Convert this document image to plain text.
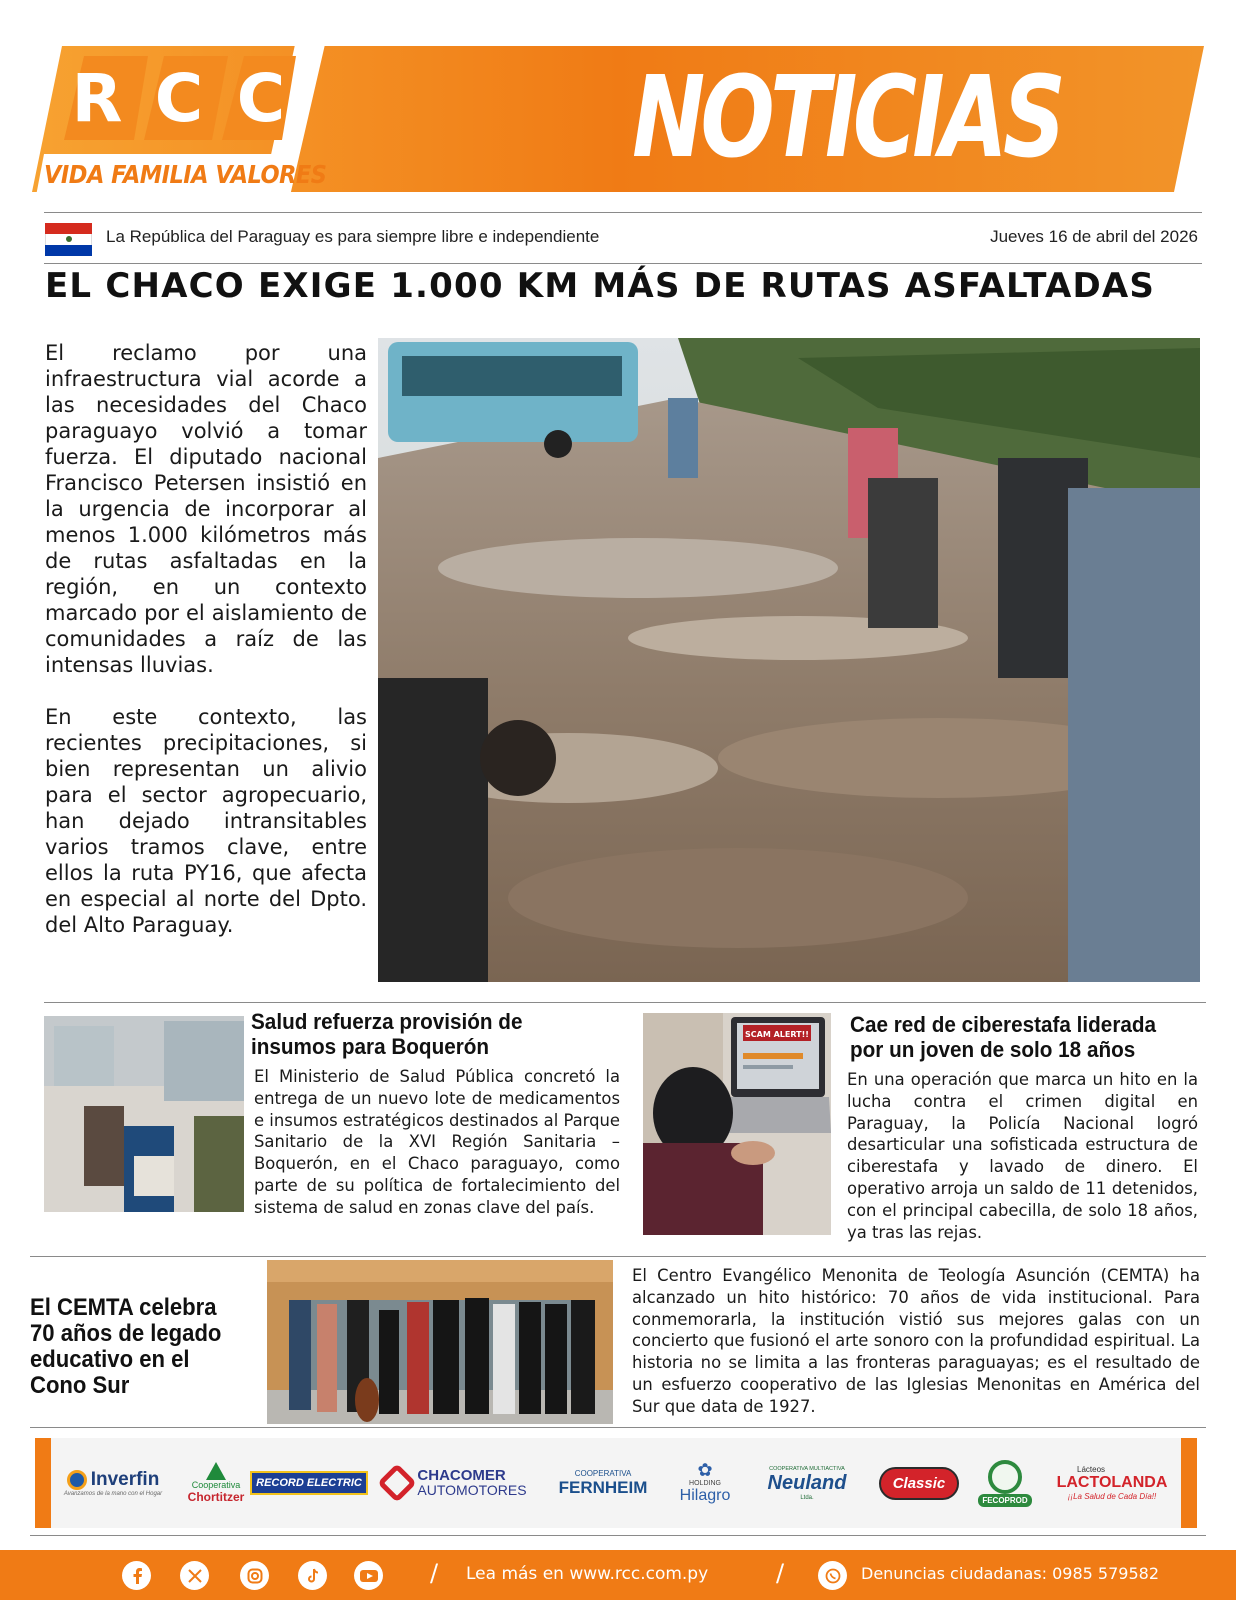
R C C
VIDA FAMILIA VALORES	NOTICIAS
La República del Paraguay es para siempre libre e independiente	Jueves 16 de abril del 2026
EL CHACO EXIGE 1.000 KM MÁS DE RUTAS ASFALTADAS

El reclamo por una infraestructura vial acorde a las necesidades del Chaco paraguayo volvió a tomar fuerza. El diputado nacional Francisco Petersen insistió en la urgencia de incorporar al menos 1.000 kilómetros más de rutas asfaltadas en la región, en un contexto marcado por el aislamiento de comunidades a raíz de las intensas lluvias.

En este contexto, las recientes precipitaciones, si bien representan un alivio para el sector agropecuario, han dejado intransitables varios tramos clave, entre ellos la ruta PY16, que afecta en especial al norte del Dpto. del Alto Paraguay.

Salud refuerza provisión de insumos para Boquerón
El Ministerio de Salud Pública concretó la entrega de un nuevo lote de medicamentos e insumos estratégicos destinados al Parque Sanitario de la XVI Región Sanitaria – Boquerón, en el Chaco paraguayo, como parte de su política de fortalecimiento del sistema de salud en zonas clave del país.
SCAM ALERT!! Cae red de ciberestafa liderada por un joven de solo 18 años
En una operación que marca un hito en la lucha contra el crimen digital en Paraguay, la Policía Nacional logró desarticular una sofisticada estructura de ciberestafa y lavado de dinero. El operativo arroja un saldo de 11 detenidos, con el principal cabecilla, de solo 18 años, ya tras las rejas.
El CEMTA celebra 70 años de legado educativo en el Cono Sur
El Centro Evangélico Menonita de Teología Asunción (CEMTA) ha alcanzado un hito histórico: 70 años de vida institucional. Para conmemorarla, la institución vistió sus mejores galas con un concierto que fusionó el arte sonoro con la profundidad espiritual. La historia no se limita a las fronteras paraguayas; es el resultado de un esfuerzo cooperativo de las Iglesias Menonitas en América del Sur que data de 1927.
Inverfin
Avanzamos de la mano con el Hogar
Cooperativa
Chortitzer
RECORD ELECTRIC	CHACOMER
AUTOMOTORES
COOPERATIVA
FERNHEIM
✿
HOLDING
Hilagro
COOPERATIVA MULTIACTIVA
Neuland
Ltda.
Classic
FECOPROD
Lácteos
LACTOLANDA
¡¡La Salud de Cada Día!!
/ Lea más en www.rcc.com.py	/	Denuncias ciudadanas: 0985 579582
